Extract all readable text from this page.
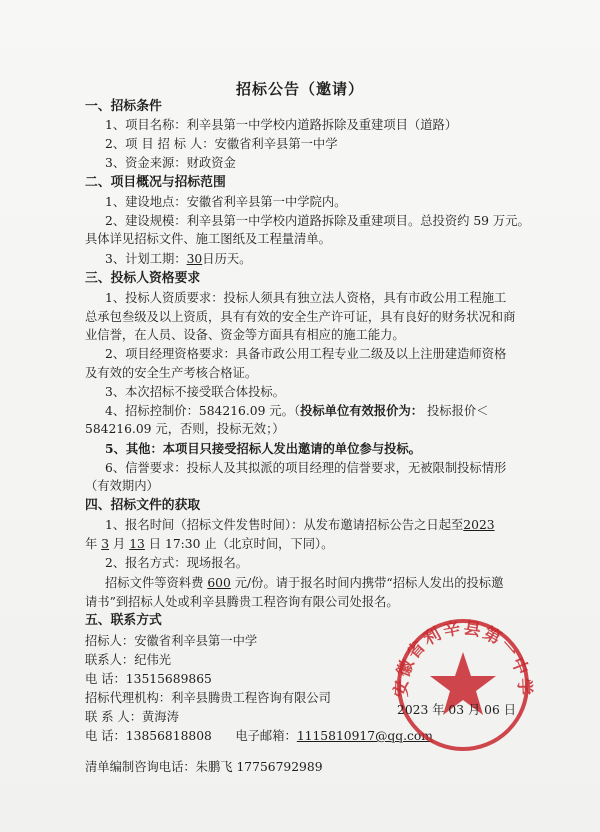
招标公告（邀请）
一、招标条件
1、项目名称：利辛县第一中学校内道路拆除及重建项目（道路）
2、项 目 招 标 人：安徽省利辛县第一中学
3、资金来源：财政资金
二、项目概况与招标范围
1、建设地点：安徽省利辛县第一中学院内。
2、建设规模：利辛县第一中学校内道路拆除及重建项目。总投资约 59 万元。
具体详见招标文件、施工图纸及工程量清单。
3、计划工期：30日历天。
三、投标人资格要求
1、投标人资质要求：投标人须具有独立法人资格，具有市政公用工程施工
总承包叁级及以上资质，具有有效的安全生产许可证，具有良好的财务状况和商
业信誉，在人员、设备、资金等方面具有相应的施工能力。
2、项目经理资格要求：具备市政公用工程专业二级及以上注册建造师资格
及有效的安全生产考核合格证。
3、本次招标不接受联合体投标。
4、招标控制价：584216.09 元。（投标单位有效报价为： 投标报价＜
584216.09 元，否则，投标无效；）
5、其他：本项目只接受招标人发出邀请的单位参与投标。
6、信誉要求：投标人及其拟派的项目经理的信誉要求，无被限制投标情形
（有效期内）
四、招标文件的获取
1、报名时间（招标文件发售时间）：从发布邀请招标公告之日起至2023
年 3 月 13 日 17:30 止（北京时间，下同）。
2、报名方式：现场报名。
招标文件等资料费 600 元/份。请于报名时间内携带“招标人发出的投标邀
请书”到招标人处或利辛县腾贵工程咨询有限公司处报名。
五、联系方式
招标人：安徽省利辛县第一中学
联系人：纪伟光
电 话：13515689865
招标代理机构：利辛县腾贵工程咨询有限公司
联 系 人：黄海涛
电 话：13856818808 电子邮箱：1115810917@qq.com
清单编制咨询电话：朱鹏飞 17756792989
安徽省利辛县第一中学
2023 年 03 月 06 日
